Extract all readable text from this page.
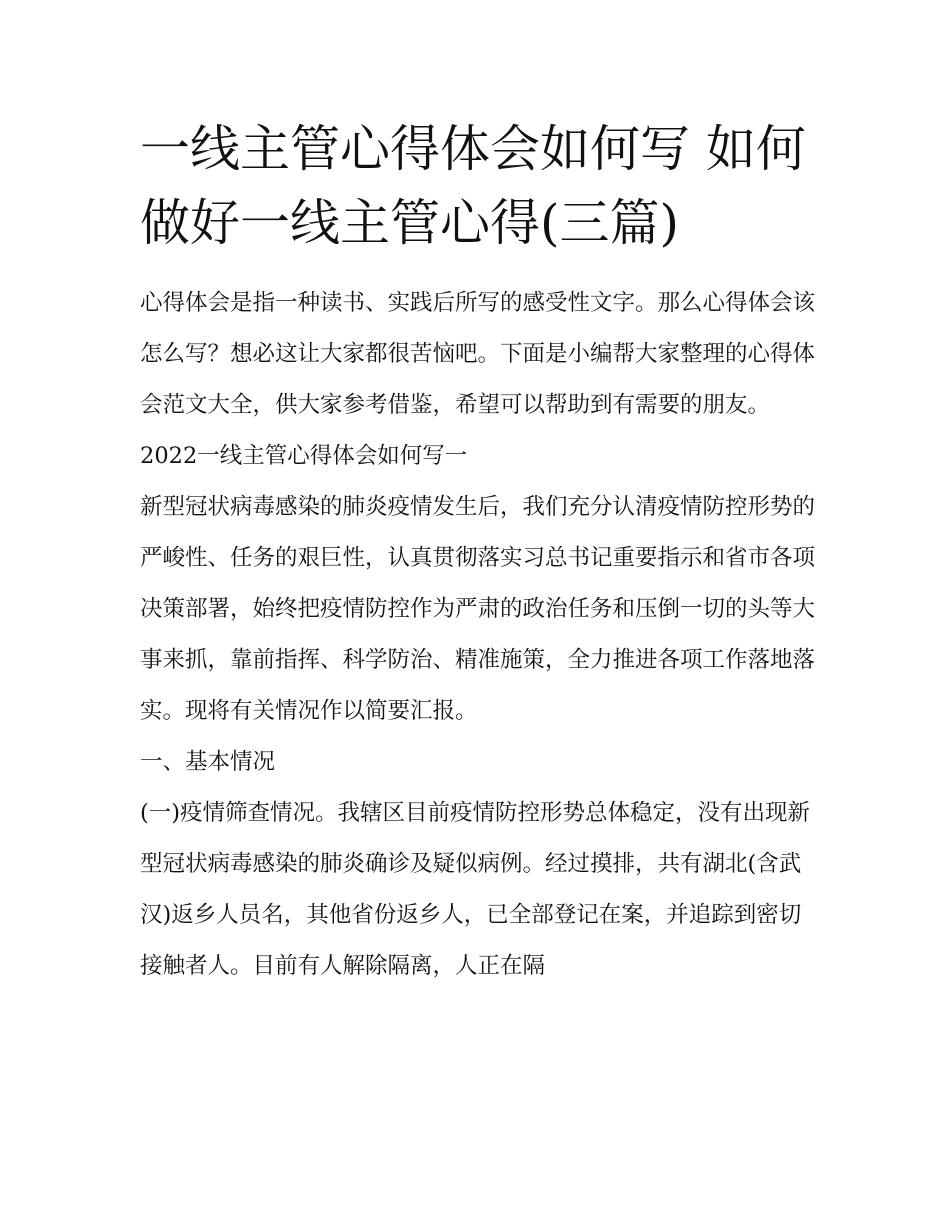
一线主管心得体会如何写 如何
做好一线主管心得(三篇)

心得体会是指一种读书、实践后所写的感受性文字。那么心得体会该怎么写？想必这让大家都很苦恼吧。下面是小编帮大家整理的心得体会范文大全，供大家参考借鉴，希望可以帮助到有需要的朋友。

2022一线主管心得体会如何写一

新型冠状病毒感染的肺炎疫情发生后，我们充分认清疫情防控形势的严峻性、任务的艰巨性，认真贯彻落实习总书记重要指示和省市各项决策部署，始终把疫情防控作为严肃的政治任务和压倒一切的头等大事来抓，靠前指挥、科学防治、精准施策，全力推进各项工作落地落实。现将有关情况作以简要汇报。

一、基本情况

(一)疫情筛查情况。我辖区目前疫情防控形势总体稳定，没有出现新型冠状病毒感染的肺炎确诊及疑似病例。经过摸排，共有湖北(含武汉)返乡人员名，其他省份返乡人，已全部登记在案，并追踪到密切接触者人。目前有人解除隔离，人正在隔
